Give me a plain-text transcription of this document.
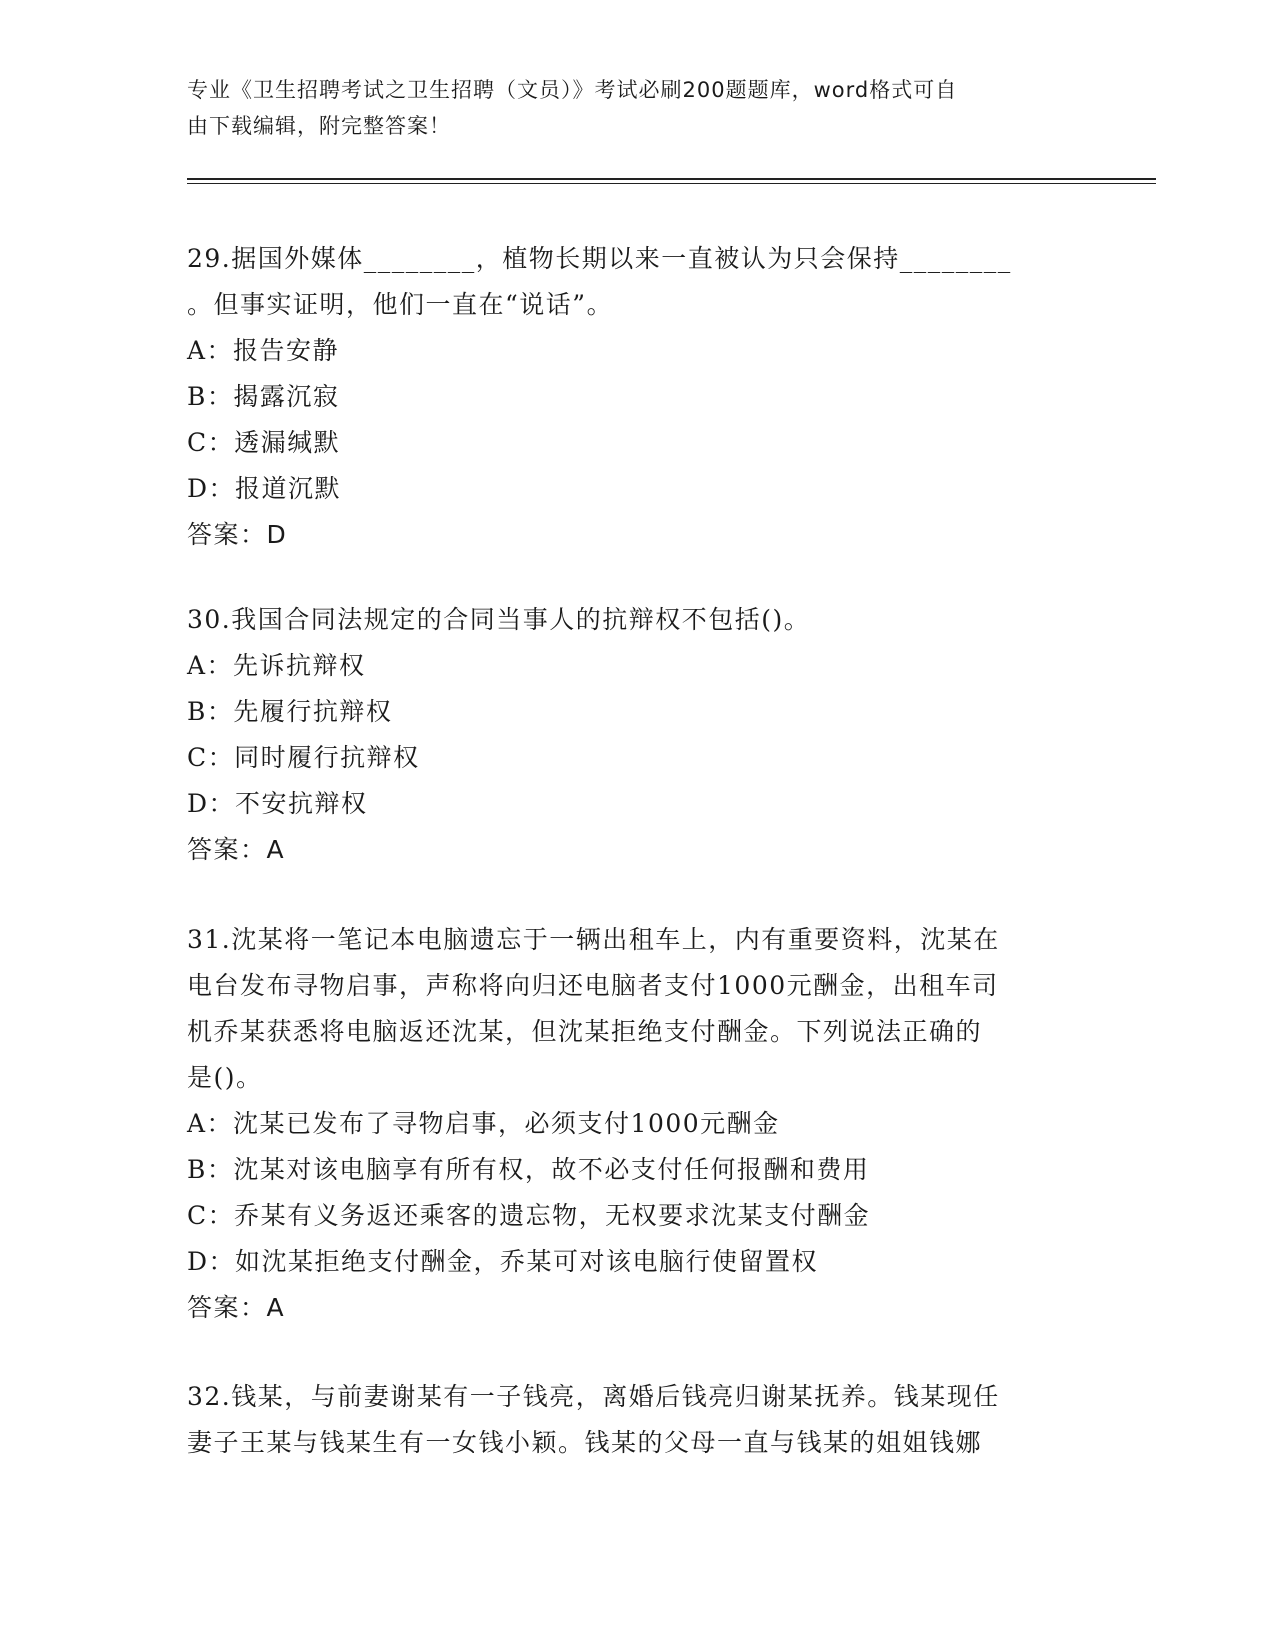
专业《卫生招聘考试之卫生招聘（文员）》考试必刷200题题库，word格式可自
由下载编辑，附完整答案！
29.据国外媒体________，植物长期以来一直被认为只会保持________
。但事实证明，他们一直在“说话”。
A：报告安静
B：揭露沉寂
C：透漏缄默
D：报道沉默
答案：D
30.我国合同法规定的合同当事人的抗辩权不包括()。
A：先诉抗辩权
B：先履行抗辩权
C：同时履行抗辩权
D：不安抗辩权
答案：A
31.沈某将一笔记本电脑遗忘于一辆出租车上，内有重要资料，沈某在
电台发布寻物启事，声称将向归还电脑者支付1000元酬金，出租车司
机乔某获悉将电脑返还沈某，但沈某拒绝支付酬金。下列说法正确的
是()。
A：沈某已发布了寻物启事，必须支付1000元酬金
B：沈某对该电脑享有所有权，故不必支付任何报酬和费用
C：乔某有义务返还乘客的遗忘物，无权要求沈某支付酬金
D：如沈某拒绝支付酬金，乔某可对该电脑行使留置权
答案：A
32.钱某，与前妻谢某有一子钱亮，离婚后钱亮归谢某抚养。钱某现任
妻子王某与钱某生有一女钱小颖。钱某的父母一直与钱某的姐姐钱娜
